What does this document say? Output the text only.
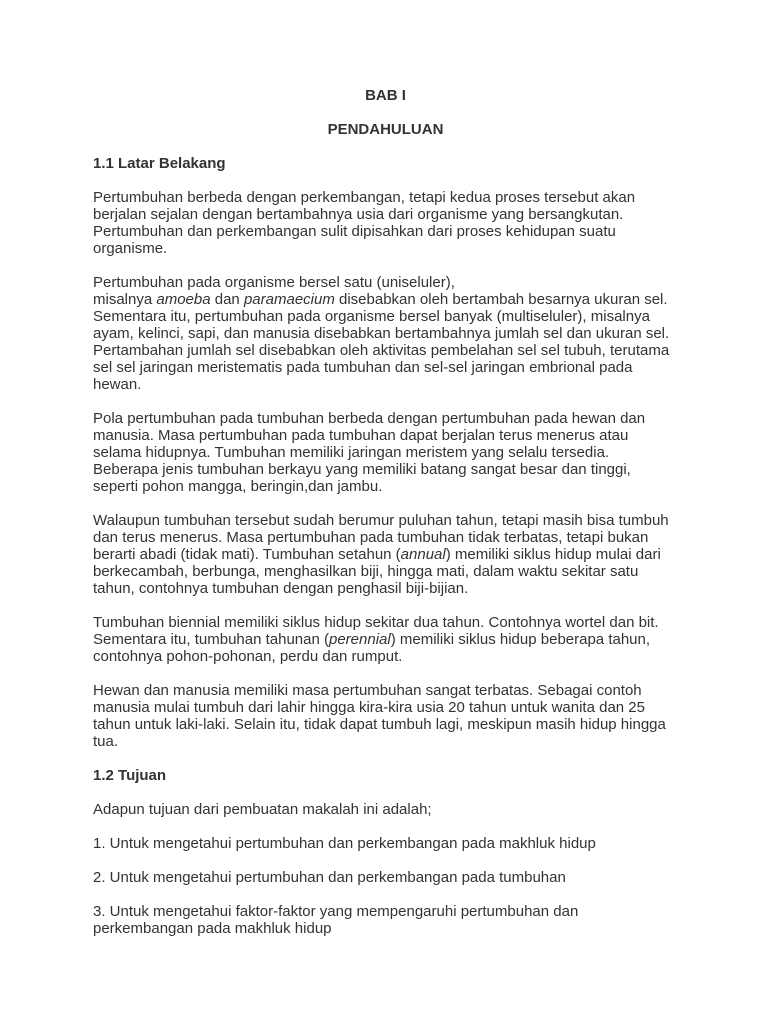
BAB I

PENDAHULUAN

1.1 Latar Belakang

Pertumbuhan berbeda dengan perkembangan, tetapi kedua proses tersebut akan berjalan sejalan dengan bertambahnya usia dari organisme yang bersangkutan. Pertumbuhan dan perkembangan sulit dipisahkan dari proses kehidupan suatu organisme.

Pertumbuhan pada organisme bersel satu (uniseluler),
misalnya amoeba dan paramaecium disebabkan oleh bertambah besarnya ukuran sel. Sementara itu, pertumbuhan pada organisme bersel banyak (multiseluler), misalnya ayam, kelinci, sapi, dan manusia disebabkan bertambahnya jumlah sel dan ukuran sel. Pertambahan jumlah sel disebabkan oleh aktivitas pembelahan sel sel tubuh, terutama sel sel jaringan meristematis pada tumbuhan dan sel-sel jaringan embrional pada hewan.

Pola pertumbuhan pada tumbuhan berbeda dengan pertumbuhan pada hewan dan manusia. Masa pertumbuhan pada tumbuhan dapat berjalan terus menerus atau selama hidupnya. Tumbuhan memiliki jaringan meristem yang selalu tersedia. Beberapa jenis tumbuhan berkayu yang memiliki batang sangat besar dan tinggi, seperti pohon mangga, beringin,dan jambu.

Walaupun tumbuhan tersebut sudah berumur puluhan tahun, tetapi masih bisa tumbuh dan terus menerus. Masa pertumbuhan pada tumbuhan tidak terbatas, tetapi bukan berarti abadi (tidak mati). Tumbuhan setahun (annual) memiliki siklus hidup mulai dari berkecambah, berbunga, menghasilkan biji, hingga mati, dalam waktu sekitar satu tahun, contohnya tumbuhan dengan penghasil biji-bijian.

Tumbuhan biennial memiliki siklus hidup sekitar dua tahun. Contohnya wortel dan bit. Sementara itu, tumbuhan tahunan (perennial) memiliki siklus hidup beberapa tahun, contohnya pohon-pohonan, perdu dan rumput.

Hewan dan manusia memiliki masa pertumbuhan sangat terbatas. Sebagai contoh manusia mulai tumbuh dari lahir hingga kira-kira usia 20 tahun untuk wanita dan 25 tahun untuk laki-laki. Selain itu, tidak dapat tumbuh lagi, meskipun masih hidup hingga tua.

1.2 Tujuan

Adapun tujuan dari pembuatan makalah ini adalah;

1. Untuk mengetahui pertumbuhan dan perkembangan pada makhluk hidup

2. Untuk mengetahui pertumbuhan dan perkembangan pada tumbuhan

3. Untuk mengetahui faktor-faktor yang mempengaruhi pertumbuhan dan perkembangan pada makhluk hidup
